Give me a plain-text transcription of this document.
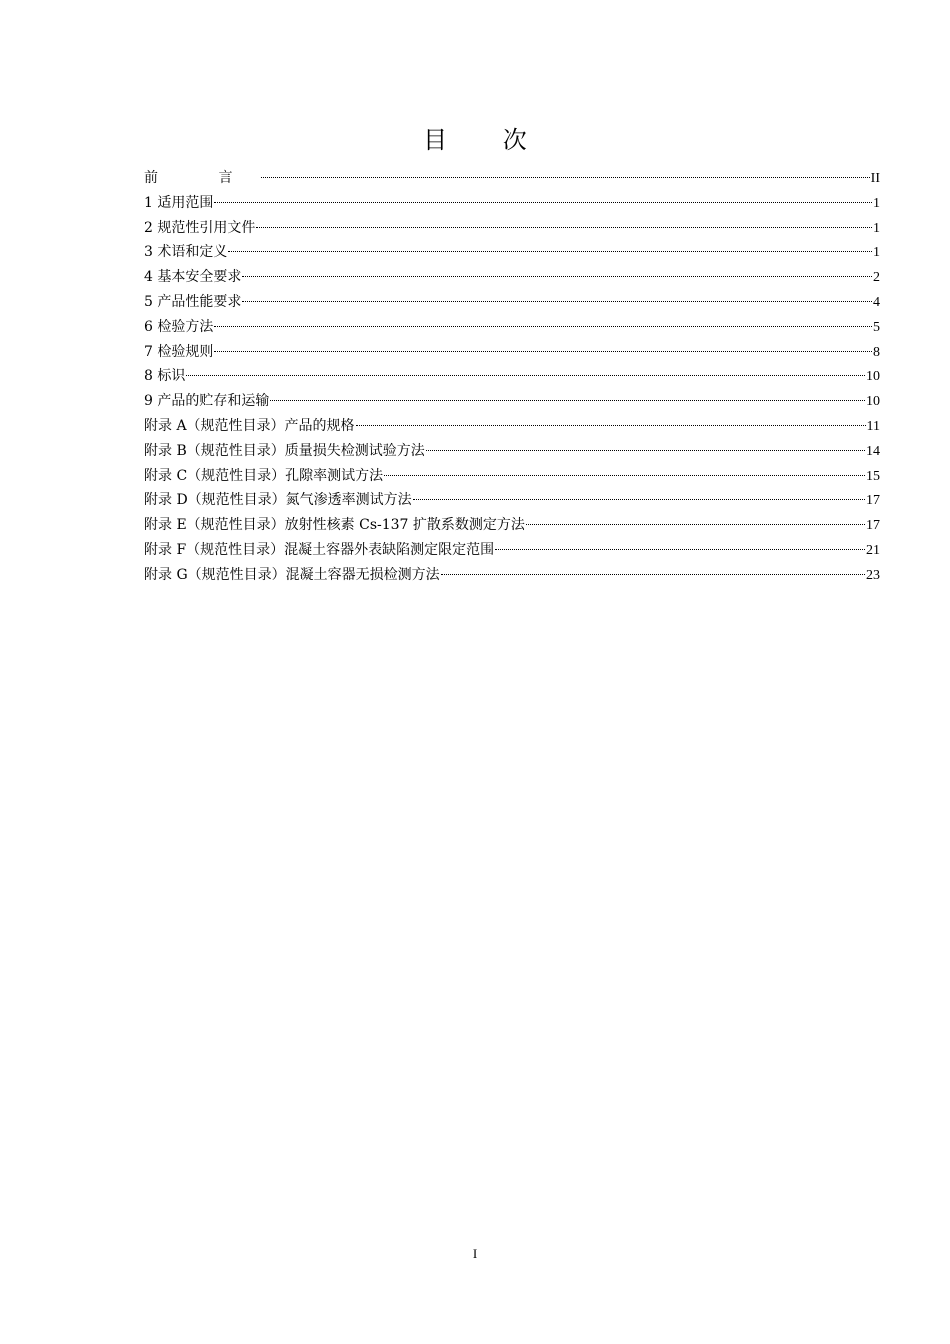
目 次
前 言	II
1 适用范围	1
2 规范性引用文件	1
3 术语和定义	1
4 基本安全要求	2
5 产品性能要求	4
6 检验方法	5
7 检验规则	8
8 标识	10
9 产品的贮存和运输	10
附录 A（规范性目录）产品的规格	11
附录 B（规范性目录）质量损失检测试验方法	14
附录 C（规范性目录）孔隙率测试方法	15
附录 D（规范性目录）氮气渗透率测试方法	17
附录 E（规范性目录）放射性核素 Cs-137 扩散系数测定方法	17
附录 F（规范性目录）混凝土容器外表缺陷测定限定范围	21
附录 G（规范性目录）混凝土容器无损检测方法	23
I
